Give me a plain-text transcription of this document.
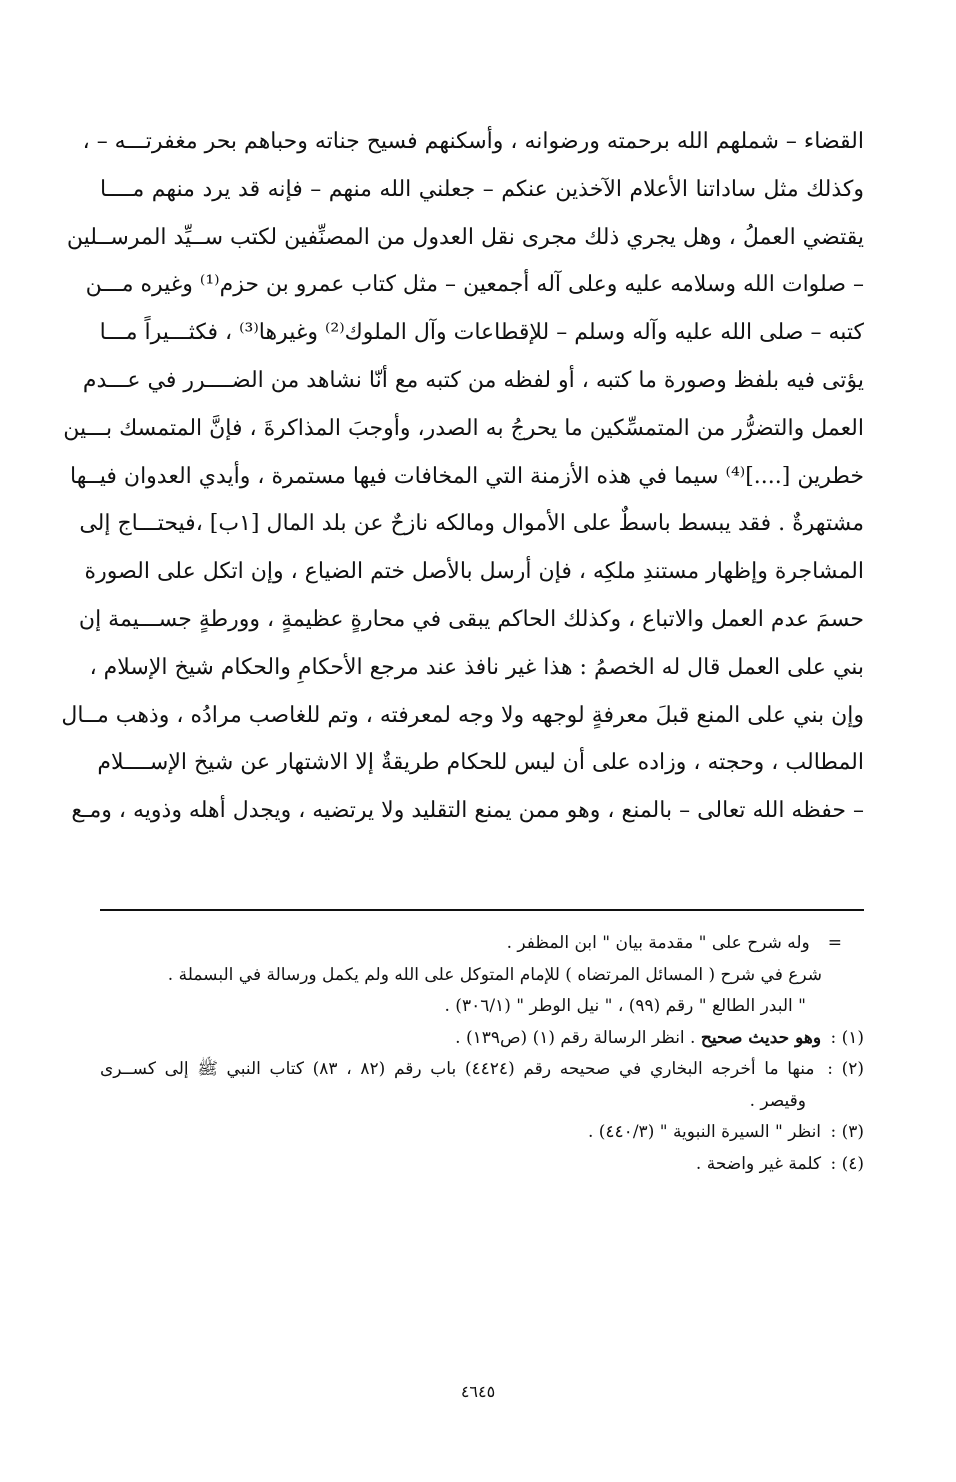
القضاء – شملهم الله برحمته ورضوانه ، وأسكنهم فسيح جناته وحباهم بحر مغفرتـــه – ،
وكذلك مثل ساداتنا الأعلام الآخذين عنكم – جعلني الله منهم – فإنه قد يرد منهم مــــا
يقتضي العملُ ، وهل يجري ذلك مجرى نقل العدول من المصنِّفين لكتب ســيِّد المرســلين
– صلوات الله وسلامه عليه وعلى آله أجمعين – مثل كتاب عمرو بن حزم⁽¹⁾ وغيره مـــن
كتبه – صلى الله عليه وآله وسلم – للإقطاعات وآل الملوك⁽²⁾ وغيرها⁽³⁾ ، فكثـــيراً مـــا
يؤتى فيه بلفظ وصورة ما كتبه ، أو لفظه من كتبه مع أنّا نشاهد من الضــــرر في عـــدم
العمل والتضرُّر من المتمسِّكين ما يحرجُ به الصدر، وأوجبَ المذاكرةَ ، فإنَّ المتمسك بـــين
خطرين [....]⁽⁴⁾ سيما في هذه الأزمنة التي المخافات فيها مستمرة ، وأيدي العدوان فيــها
مشتهرةٌ . فقد يبسط باسطٌ على الأموال ومالكه نازحٌ عن بلد المال [١ب] ،فيحتـــاج إلى
المشاجرة وإظهار مستندِ ملكِه ، فإن أرسل بالأصل ختم الضياع ، وإن اتكل على الصورة
حسمَ عدم العمل والاتباع ، وكذلك الحاكم يبقى في محارةٍ عظيمةٍ ، وورطةٍ جســـيمة إن
بني على العمل قال له الخصمُ : هذا غير نافذ عند مرجع الأحكامِ والحكام شيخ الإسلام ،
وإن بني على المنع قبلَ معرفةٍ لوجهه ولا وجه لمعرفته ، وتم للغاصب مرادُه ، وذهب مــال
المطالب ، وحجته ، وزاده على أن ليس للحكام طريقةٌ إلا الاشتهار عن شيخ الإســــلام
– حفظه الله تعالى – بالمنع ، وهو ممن يمنع التقليد ولا يرتضيه ، ويجدل أهله وذويه ، ومـع
=وله شرح على " مقدمة بيان " ابن المظفر .
شرع في شرح ( المسائل المرتضاه ) للإمام المتوكل على الله ولم يكمل ورسالة في البسملة .
" البدر الطالع " رقم (٩٩) ، " نيل الوطر " (٣٠٦/١) .
(١) : وهو حديث صحيح . انظر الرسالة رقم (١) (ص١٣٩) .
(٢) : منها ما أخرجه البخاري في صحيحه رقم (٤٤٢٤) باب رقم (٨٢ ، ٨٣) كتاب النبي ﷺ إلى كســرى
وقيصر .
(٣) : انظر " السيرة النبوية " (٤٤٠/٣) .
(٤) : كلمة غير واضحة .
٤٦٤٥
